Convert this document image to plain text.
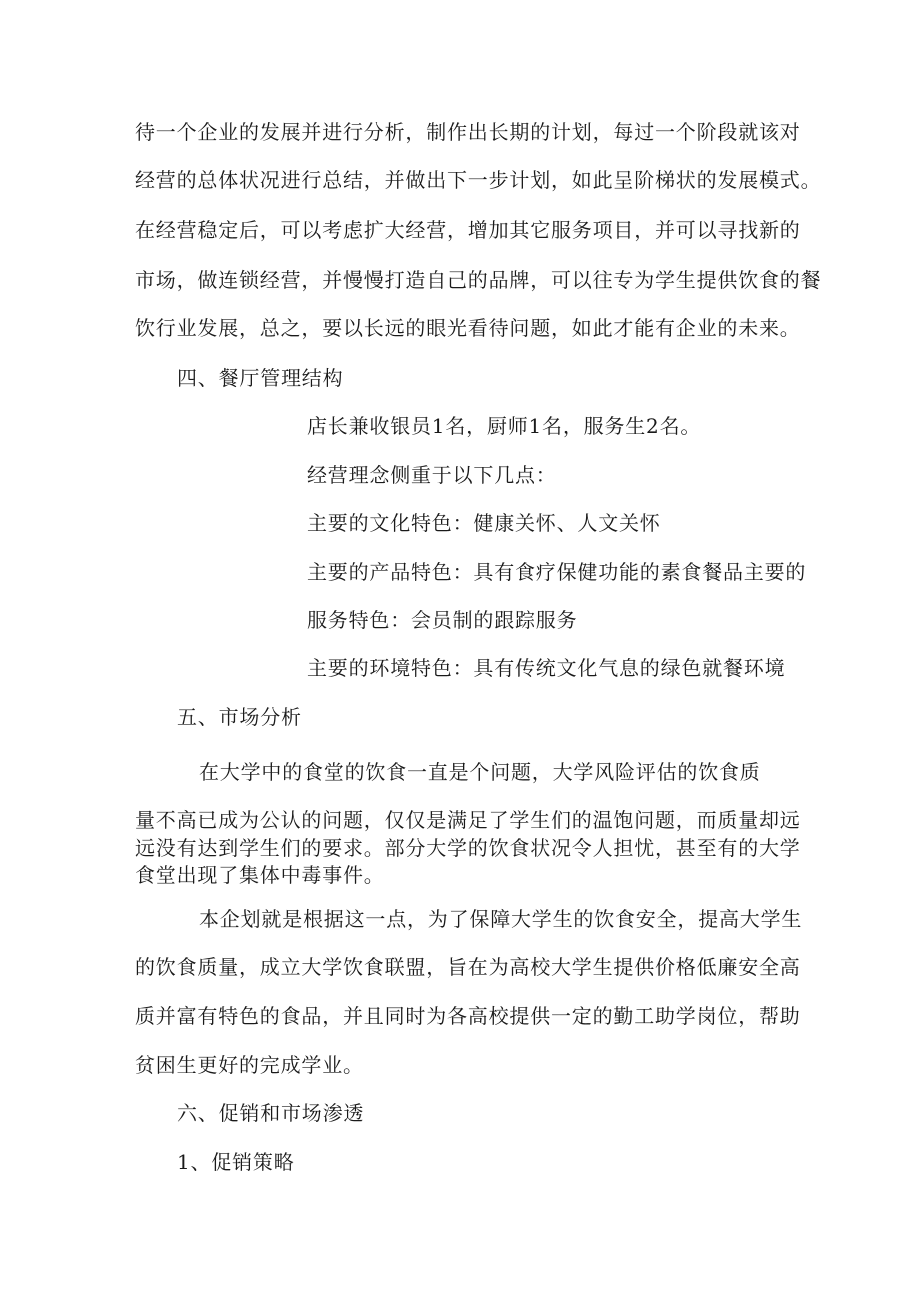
待一个企业的发展并进行分析，制作出长期的计划，每过一个阶段就该对
经营的总体状况进行总结，并做出下一步计划，如此呈阶梯状的发展模式。
在经营稳定后，可以考虑扩大经营，增加其它服务项目，并可以寻找新的
市场，做连锁经营，并慢慢打造自己的品牌，可以往专为学生提供饮食的餐
饮行业发展，总之，要以长远的眼光看待问题，如此才能有企业的未来。
四、餐厅管理结构
店长兼收银员1名，厨师1名，服务生2名。
经营理念侧重于以下几点：
主要的文化特色：健康关怀、人文关怀
主要的产品特色：具有食疗保健功能的素食餐品主要的
服务特色：会员制的跟踪服务
主要的环境特色：具有传统文化气息的绿色就餐环境
五、市场分析
在大学中的食堂的饮食一直是个问题，大学风险评估的饮食质
量不高已成为公认的问题，仅仅是满足了学生们的温饱问题，而质量却远
远没有达到学生们的要求。部分大学的饮食状况令人担忧，甚至有的大学
食堂出现了集体中毒事件。
本企划就是根据这一点，为了保障大学生的饮食安全，提高大学生
的饮食质量，成立大学饮食联盟，旨在为高校大学生提供价格低廉安全高
质并富有特色的食品，并且同时为各高校提供一定的勤工助学岗位，帮助
贫困生更好的完成学业。
六、促销和市场渗透
1、促销策略
